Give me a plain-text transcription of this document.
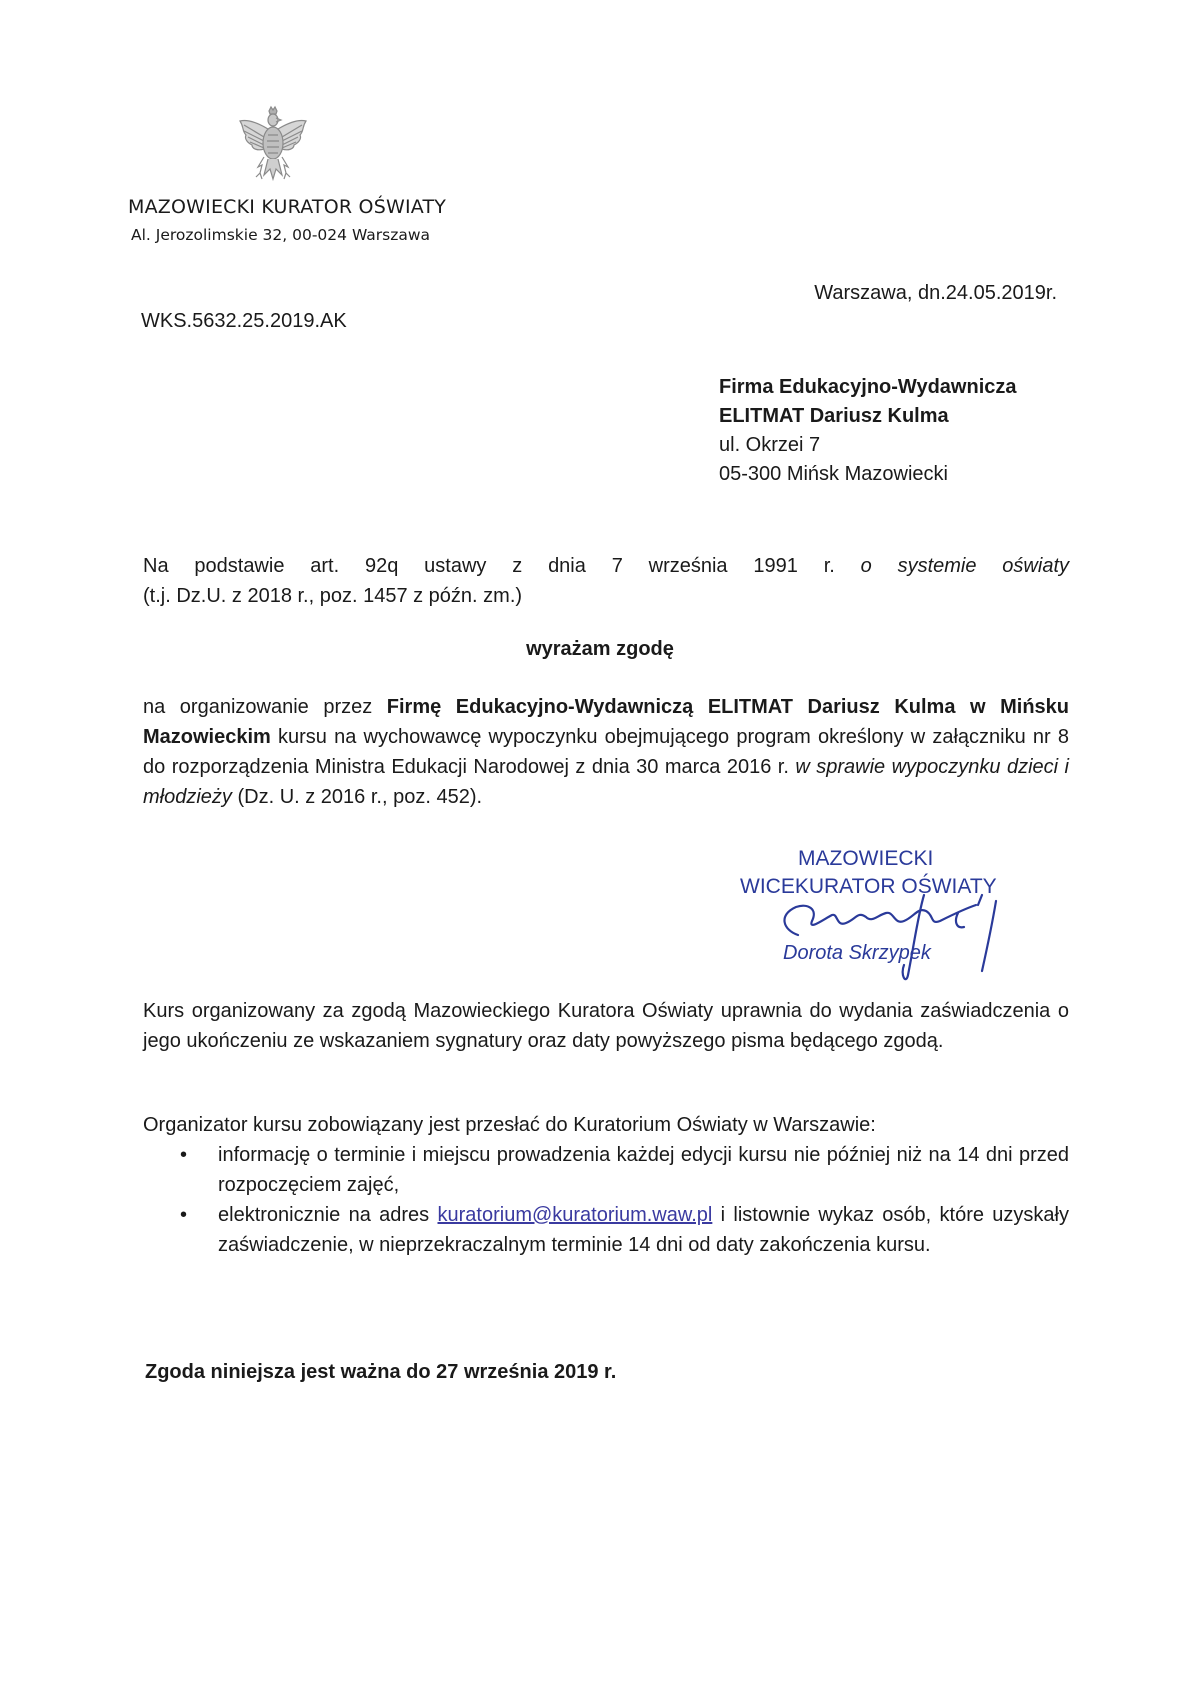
MAZOWIECKI KURATOR OŚWIATY
Al. Jerozolimskie 32, 00-024 Warszawa
Warszawa, dn.24.05.2019r.
WKS.5632.25.2019.AK
Firma Edukacyjno-Wydawnicza
ELITMAT Dariusz Kulma
ul. Okrzei 7
05-300 Mińsk Mazowiecki
Na podstawie art. 92q ustawy z dnia 7 września 1991 r. o systemie oświaty
(t.j. Dz.U. z 2018 r., poz. 1457 z późn. zm.)
wyrażam zgodę
na organizowanie przez Firmę Edukacyjno-Wydawniczą ELITMAT Dariusz Kulma w Mińsku Mazowieckim kursu na wychowawcę wypoczynku obejmującego program określony w załączniku nr 8 do rozporządzenia Ministra Edukacji Narodowej z dnia 30 marca 2016 r. w sprawie wypoczynku dzieci i młodzieży (Dz. U. z 2016 r., poz. 452).
MAZOWIECKI
WICEKURATOR OŚWIATY
Dorota Skrzypek
Kurs organizowany za zgodą Mazowieckiego Kuratora Oświaty uprawnia do wydania zaświadczenia o jego ukończeniu ze wskazaniem sygnatury oraz daty powyższego pisma będącego zgodą.
Organizator kursu zobowiązany jest przesłać do Kuratorium Oświaty w Warszawie:
• informację o terminie i miejscu prowadzenia każdej edycji kursu nie później niż na 14 dni przed rozpoczęciem zajęć,
• elektronicznie na adres kuratorium@kuratorium.waw.pl i listownie wykaz osób, które uzyskały zaświadczenie, w nieprzekraczalnym terminie 14 dni od daty zakończenia kursu.
Zgoda niniejsza jest ważna do 27 września 2019 r.
